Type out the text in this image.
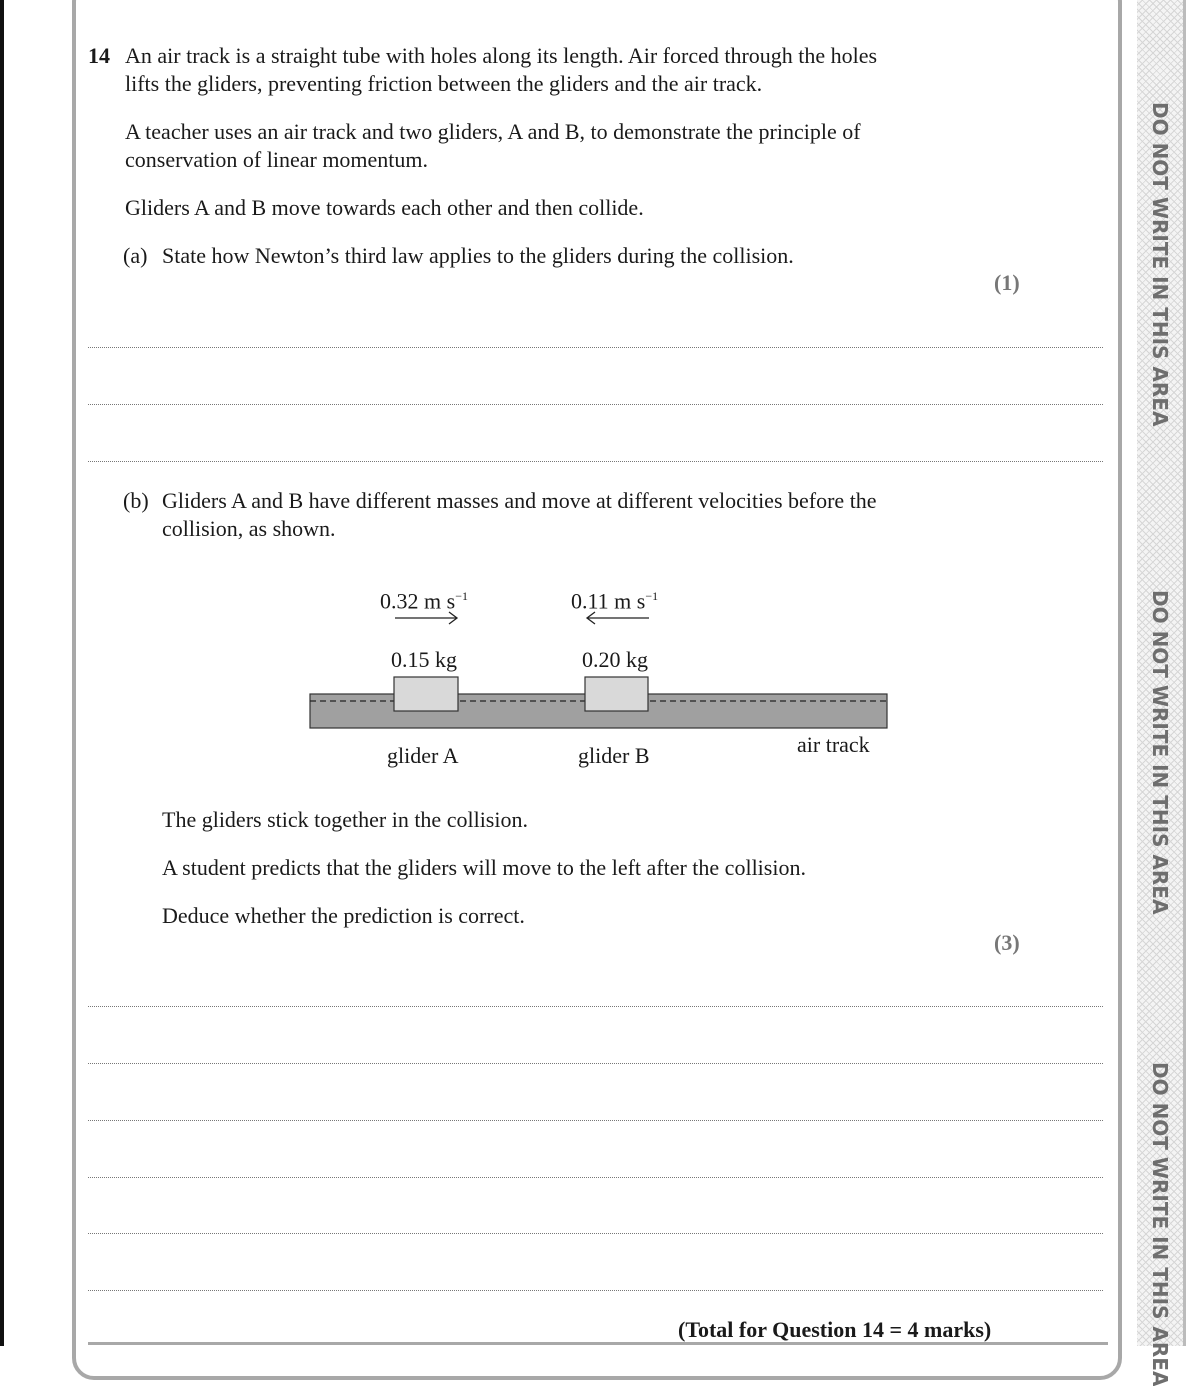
DO NOT WRITE IN THIS AREA
DO NOT WRITE IN THIS AREA
DO NOT WRITE IN THIS AREA
14 An air track is a straight tube with holes along its length. Air forced through the holes
lifts the gliders, preventing friction between the gliders and the air track.
A teacher uses an air track and two gliders, A and B, to demonstrate the principle of
conservation of linear momentum.
Gliders A and B move towards each other and then collide.
(a) State how Newton’s third law applies to the gliders during the collision.
(1)
(b) Gliders A and B have different masses and move at different velocities before the
collision, as shown.
0.32 m $s^{-1}$	0.11 m $s^{-1}$
0.15 kg	0.20 kg
glider A	glider B	air track
The gliders stick together in the collision.
A student predicts that the gliders will move to the left after the collision.
Deduce whether the prediction is correct.
(3)
(Total for Question 14 = 4 marks)
